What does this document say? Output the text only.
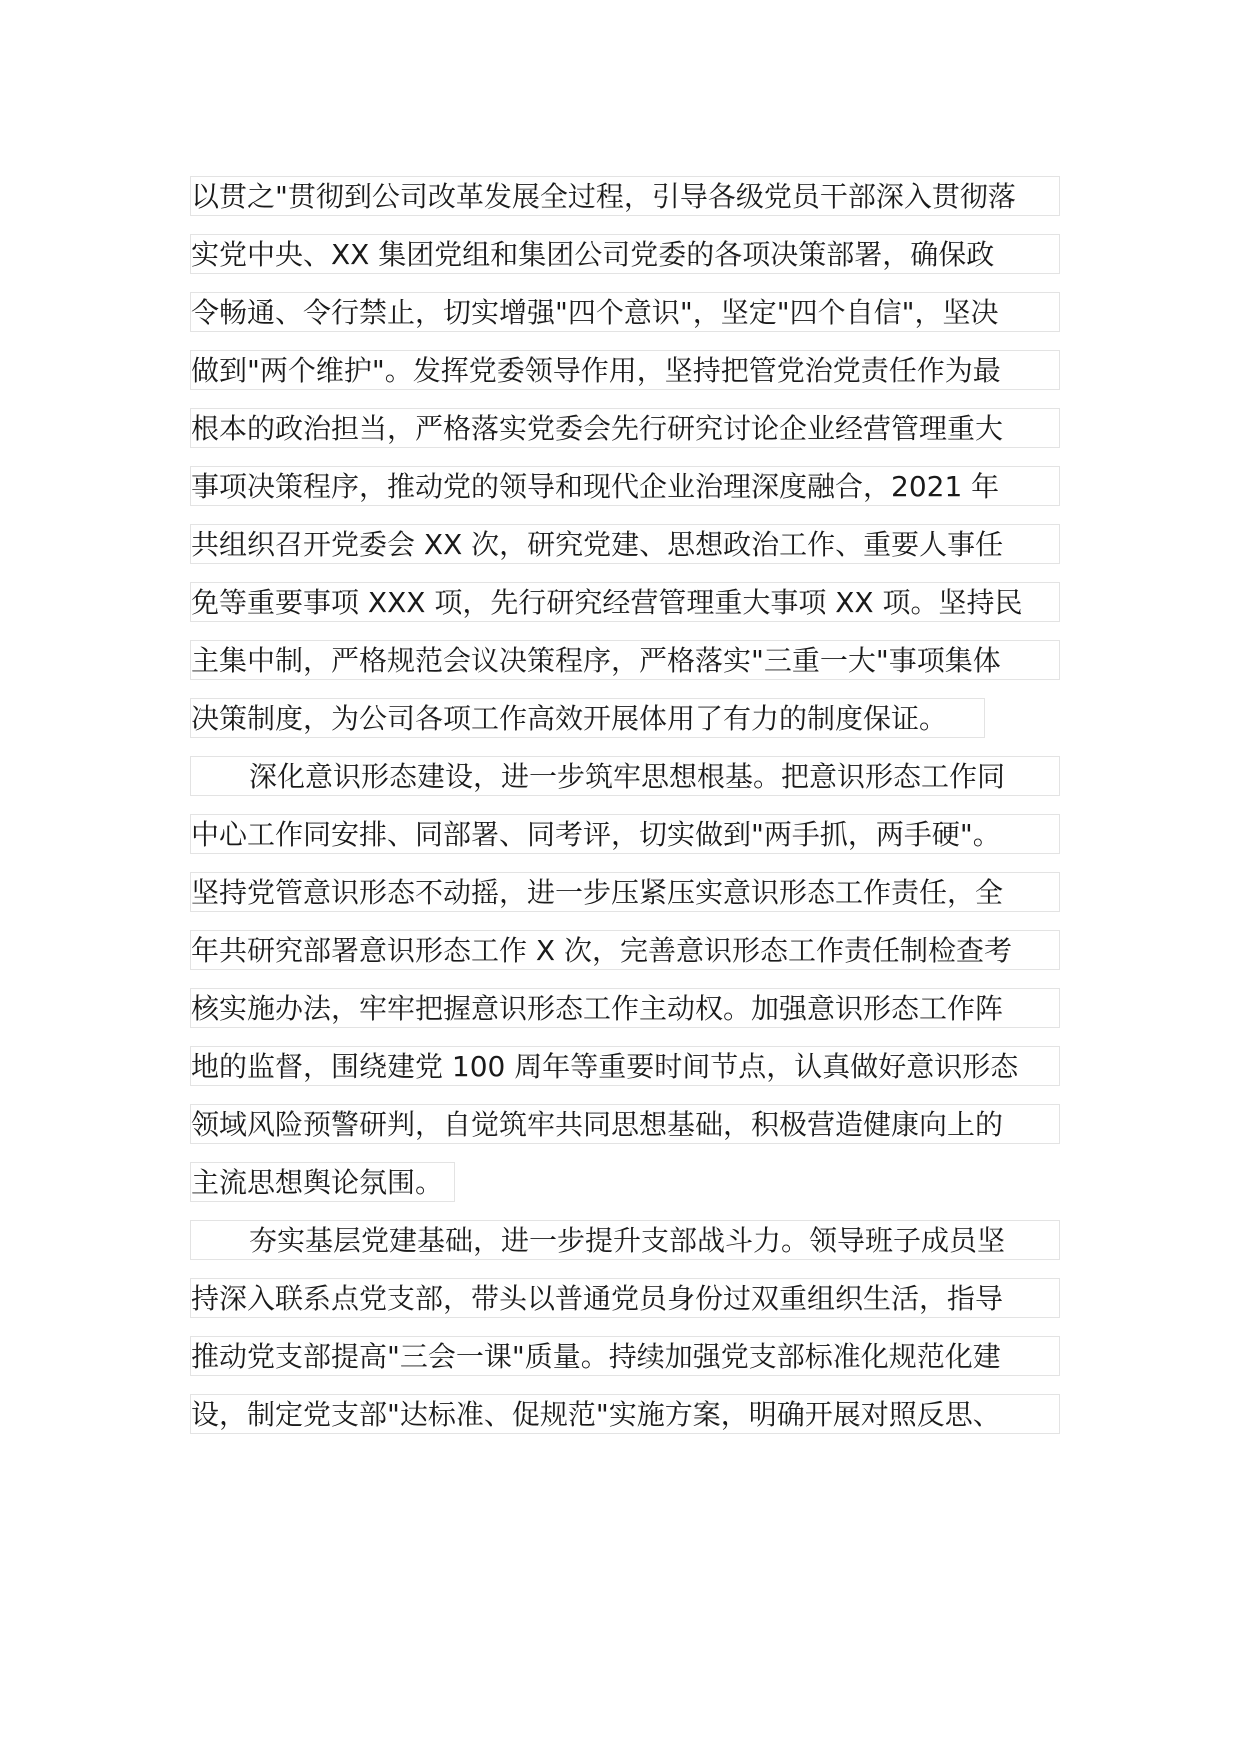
以贯之"贯彻到公司改革发展全过程，引导各级党员干部深入贯彻落
实党中央、XX 集团党组和集团公司党委的各项决策部署，确保政
令畅通、令行禁止，切实增强"四个意识"，坚定"四个自信"，坚决
做到"两个维护"。发挥党委领导作用，坚持把管党治党责任作为最
根本的政治担当，严格落实党委会先行研究讨论企业经营管理重大
事项决策程序，推动党的领导和现代企业治理深度融合，2021 年
共组织召开党委会 XX 次，研究党建、思想政治工作、重要人事任
免等重要事项 XXX 项，先行研究经营管理重大事项 XX 项。坚持民
主集中制，严格规范会议决策程序，严格落实"三重一大"事项集体
决策制度，为公司各项工作高效开展体用了有力的制度保证。
深化意识形态建设，进一步筑牢思想根基。把意识形态工作同
中心工作同安排、同部署、同考评，切实做到"两手抓，两手硬"。
坚持党管意识形态不动摇，进一步压紧压实意识形态工作责任，全
年共研究部署意识形态工作 X 次，完善意识形态工作责任制检查考
核实施办法，牢牢把握意识形态工作主动权。加强意识形态工作阵
地的监督，围绕建党 100 周年等重要时间节点，认真做好意识形态
领域风险预警研判，自觉筑牢共同思想基础，积极营造健康向上的
主流思想舆论氛围。
夯实基层党建基础，进一步提升支部战斗力。领导班子成员坚
持深入联系点党支部，带头以普通党员身份过双重组织生活，指导
推动党支部提高"三会一课"质量。持续加强党支部标准化规范化建
设，制定党支部"达标准、促规范"实施方案，明确开展对照反思、
